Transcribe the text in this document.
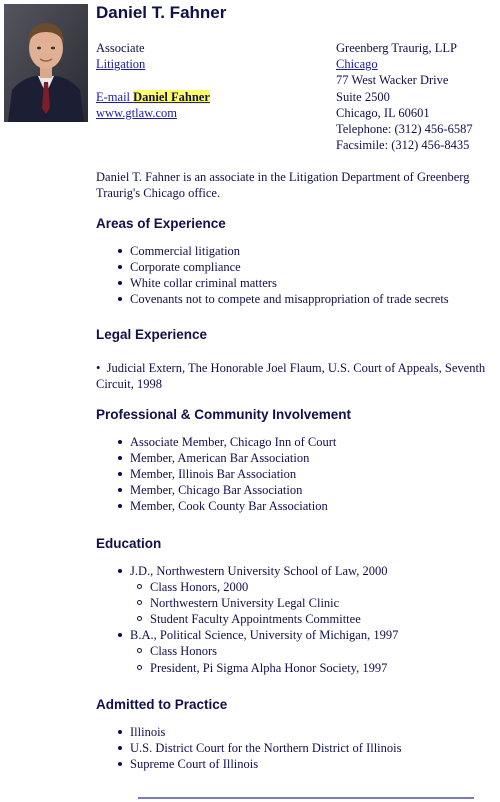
Daniel T. Fahner
Associate
Litigation
E-mail Daniel Fahner
www.gtlaw.com
Greenberg Traurig, LLP
Chicago
77 West Wacker Drive
Suite 2500
Chicago, IL 60601
Telephone: (312) 456-6587
Facsimile: (312) 456-8435

Daniel T. Fahner is an associate in the Litigation Department of Greenberg Traurig's Chicago office.

Areas of Experience
Commercial litigation
Corporate compliance
White collar criminal matters
Covenants not to compete and misappropriation of trade secrets
Legal Experience

• Judicial Extern, The Honorable Joel Flaum, U.S. Court of Appeals, Seventh Circuit, 1998

Professional & Community Involvement
Associate Member, Chicago Inn of Court
Member, American Bar Association
Member, Illinois Bar Association
Member, Chicago Bar Association
Member, Cook County Bar Association
Education
J.D., Northwestern University School of Law, 2000
Class Honors, 2000
Northwestern University Legal Clinic
Student Faculty Appointments Committee
B.A., Political Science, University of Michigan, 1997
Class Honors
President, Pi Sigma Alpha Honor Society, 1997
Admitted to Practice
Illinois
U.S. District Court for the Northern District of Illinois
Supreme Court of Illinois
